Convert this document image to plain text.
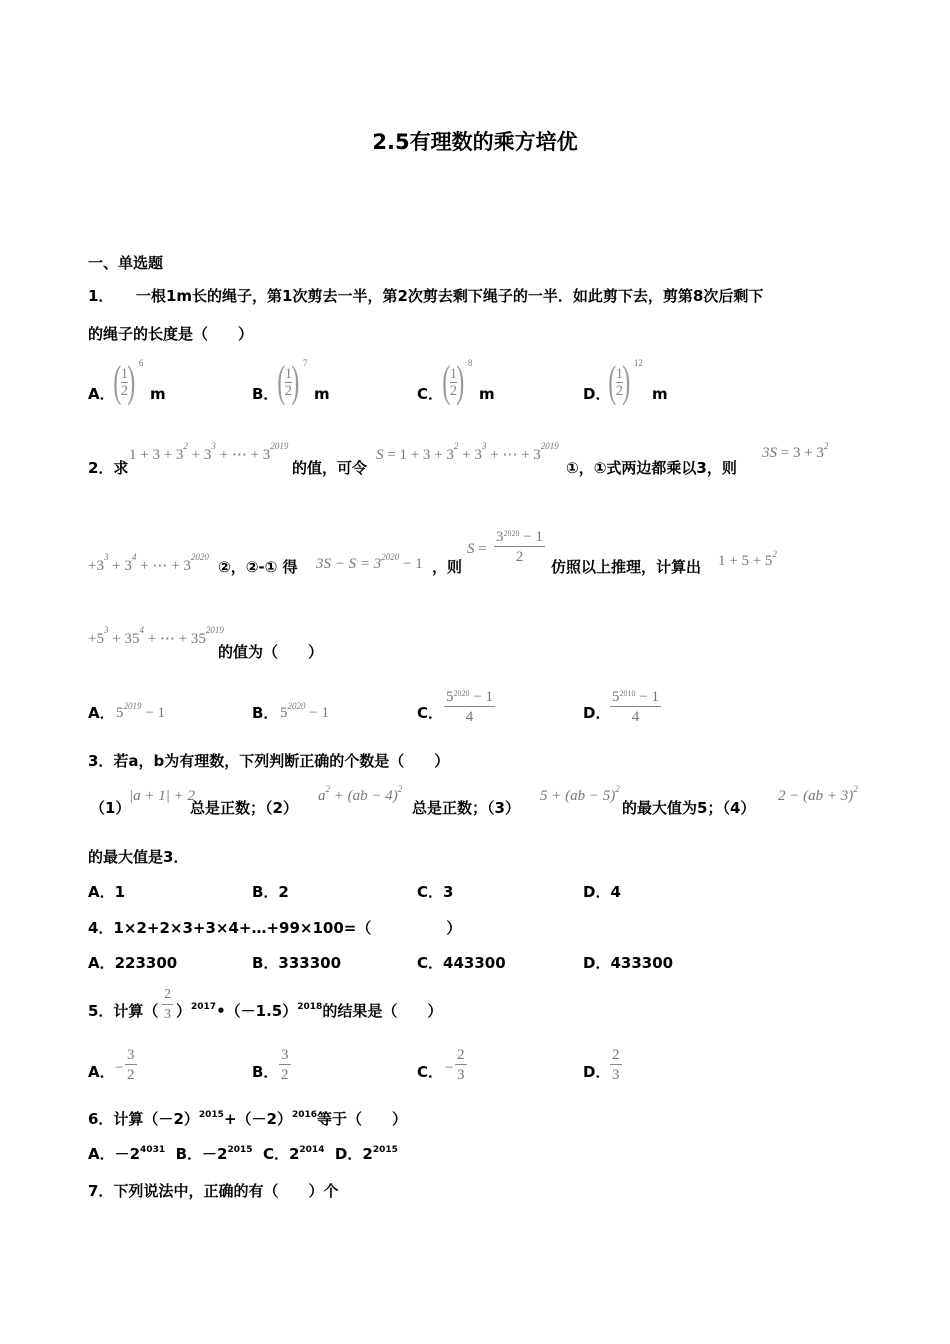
2.5有理数的乘方培优
一、单选题
1．　　一根1m长的绳子，第1次剪去一半，第2次剪去剩下绳子的一半．如此剪下去，剪第8次后剩下
的绳子的长度是（　　）
A．
( $\frac{1}{2}$ ) 6
m	B．
( $\frac{1}{2}$ ) 7
m	C． ( $\frac{1}{2}$ ) 8
m	D．
( $\frac{1}{2}$ ) 12
m
2．求
$1 + 3 + 3^2 + 3^3$ + ⋯ + $3^{2019}$
的值，可令
$S = 1 + 3 + 3^2 + 3^3$ + ⋯ + $3^{2019}$
①，①式两边都乘以3，则
$3S = 3 + 3^2$
$+3^3 + 3^4$ + ⋯ + $3^{2020}$
②，②-① 得 $3S - S = 3^{2020} - 1$ ，则
$S = \frac{3^{2020} - 1}{2}$ 仿照以上推理，计算出 $1 + 5 + 5^2$
$+5^3 + 35^4$ + ⋯ + $35^{2019}$
的值为（　　）
A． $5^{2019} - 1$	B． $5^{2020} - 1$	C． $\frac{5^{2020} - 1}{4}$	D． $\frac{5^{2010} - 1}{4}$
3．若a，b为有理数，下列判断正确的个数是（　　）
（1）
|a + 1| + 2
总是正数；（2）
$a^2 + (ab - 4)^2$
总是正数；（3）
5 + (ab − 5)$^2$
的最大值为5；（4）
2 − (ab + 3)$^2$
的最大值是3．
A．1	B．2	C．3	D．4
4．1×2+2×3+3×4+…+99×100=（　　　　　）
A．223300	B．333300	C．443300	D．433300
5．计算（ $\frac{2}{3}$ ）$^{2017}•(-1.5)^{2018}$的结果是（　　）
A． − $\frac{3}{2}$	B． $\frac{3}{2}$	C． − $\frac{2}{3}$	D． $\frac{2}{3}$
6．计算$(-2)^{2015}+(-2)^{2016}$等于（　　）
A．$-2^{4031}$ B．$-2^{2015}$ C．$2^{2014}$ D．$2^{2015}$
7．下列说法中，正确的有（　　）个
